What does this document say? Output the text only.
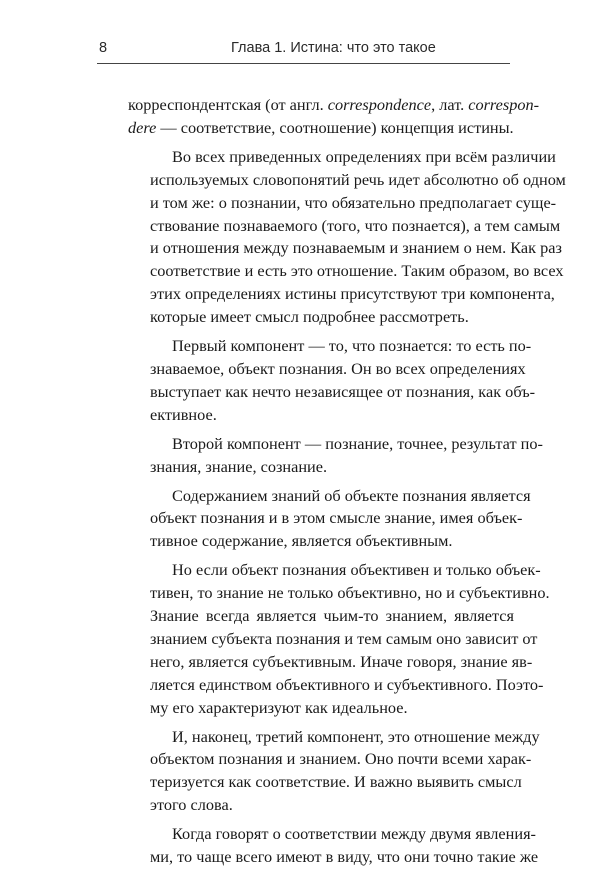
8	Глава 1. Истина: что это такое
корреспондентская (от англ. correspondence, лат. correspon-
dere — соответствие, соотношение) концепция истины.
Во всех приведенных определениях при всём различии
используемых словопонятий речь идет абсолютно об одном
и том же: о познании, что обязательно предполагает суще-
ствование познаваемого (того, что познается), а тем самым
и отношения между познаваемым и знанием о нем. Как раз
соответствие и есть это отношение. Таким образом, во всех
этих определениях истины присутствуют три компонента,
которые имеет смысл подробнее рассмотреть.
Первый компонент — то, что познается: то есть по-
знаваемое, объект познания. Он во всех определениях
выступает как нечто независящее от познания, как объ-
ективное.
Второй компонент — познание, точнее, результат по-
знания, знание, сознание.
Содержанием знаний об объекте познания является
объект познания и в этом смысле знание, имея объек-
тивное содержание, является объективным.
Но если объект познания объективен и только объек-
тивен, то знание не только объективно, но и субъективно.
Знание всегда является чьим-то знанием, является
знанием субъекта познания и тем самым оно зависит от
него, является субъективным. Иначе говоря, знание яв-
ляется единством объективного и субъективного. Поэто-
му его характеризуют как идеальное.
И, наконец, третий компонент, это отношение между
объектом познания и знанием. Оно почти всеми харак-
теризуется как соответствие. И важно выявить смысл
этого слова.
Когда говорят о соответствии между двумя явления-
ми, то чаще всего имеют в виду, что они точно такие же
